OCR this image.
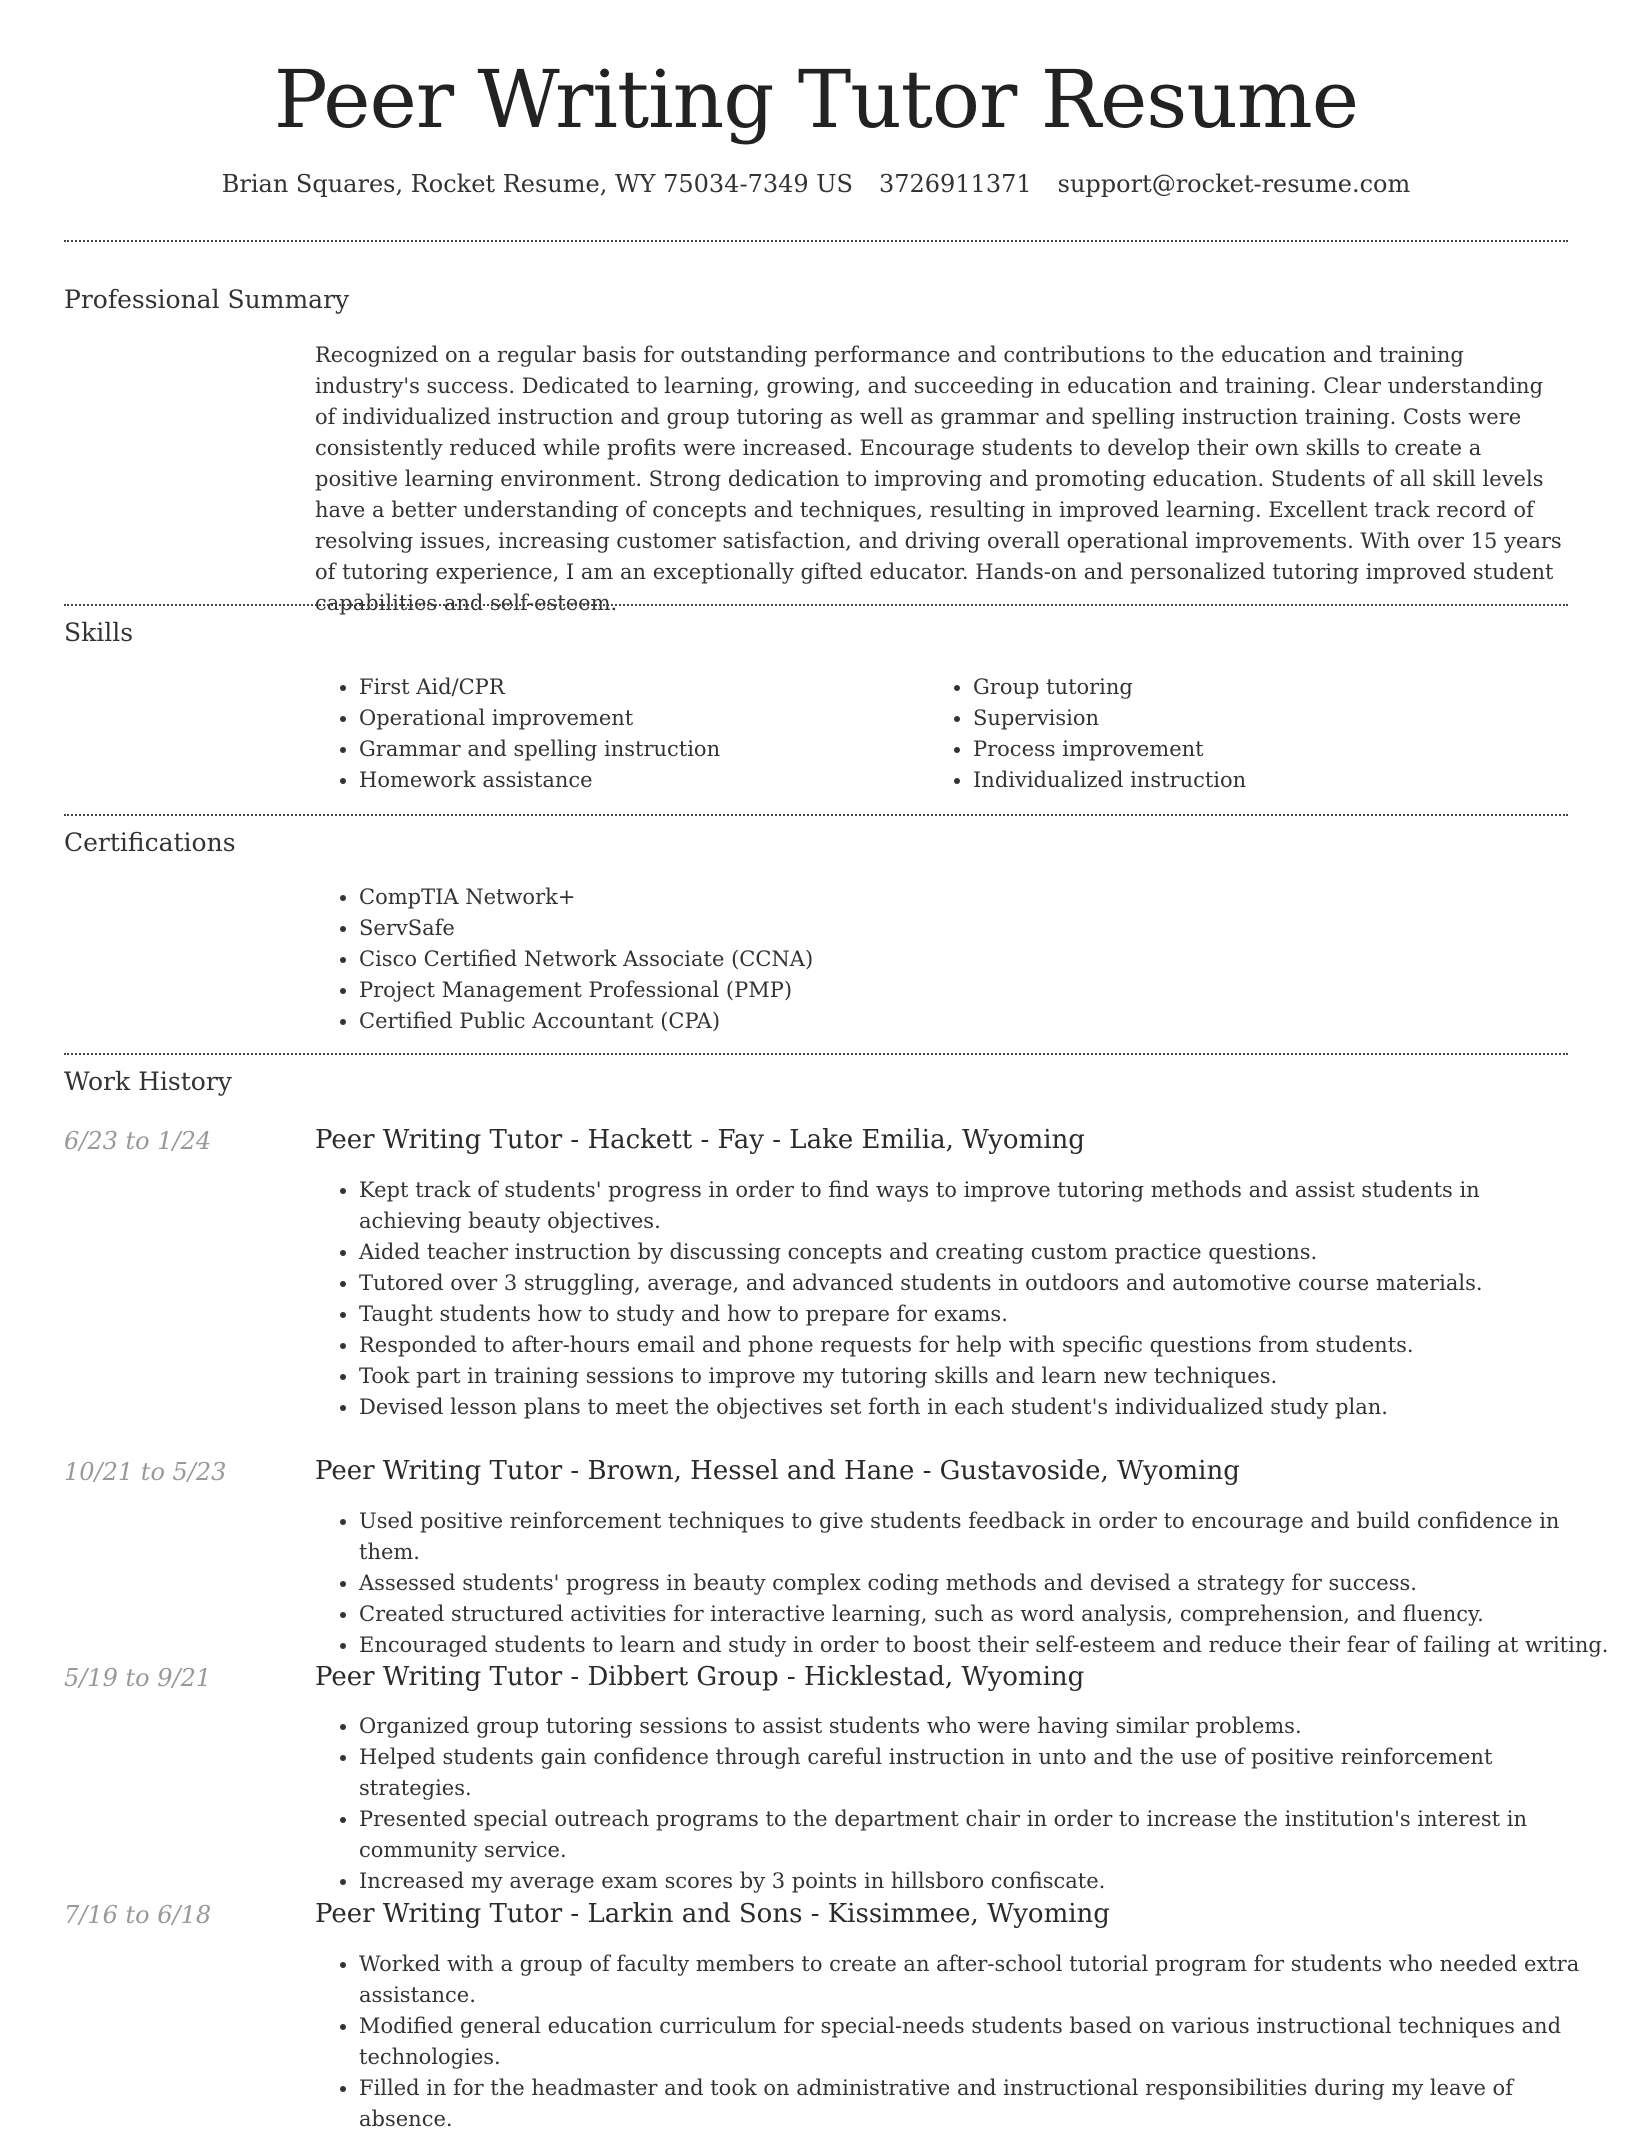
Peer Writing Tutor Resume
Brian Squares, Rocket Resume, WY 75034-7349 US 3726911371 support@rocket-resume.com
Professional Summary

Recognized on a regular basis for outstanding performance and contributions to the education and training industry's success. Dedicated to learning, growing, and succeeding in education and training. Clear understanding of individualized instruction and group tutoring as well as grammar and spelling instruction training. Costs were consistently reduced while profits were increased. Encourage students to develop their own skills to create a positive learning environment. Strong dedication to improving and promoting education. Students of all skill levels have a better understanding of concepts and techniques, resulting in improved learning. Excellent track record of resolving issues, increasing customer satisfaction, and driving overall operational improvements. With over 15 years of tutoring experience, I am an exceptionally gifted educator. Hands-on and personalized tutoring improved student capabilities and self-esteem.

Skills
• First Aid/CPR
• Operational improvement
• Grammar and spelling instruction
• Homework assistance
• Group tutoring
• Supervision
• Process improvement
• Individualized instruction
Certifications
• CompTIA Network+
• ServSafe
• Cisco Certified Network Associate (CCNA)
• Project Management Professional (PMP)
• Certified Public Accountant (CPA)
Work History
6/23 to 1/24	Peer Writing Tutor - Hackett - Fay - Lake Emilia, Wyoming
• Kept track of students' progress in order to find ways to improve tutoring methods and assist students in achieving beauty objectives.
• Aided teacher instruction by discussing concepts and creating custom practice questions.
• Tutored over 3 struggling, average, and advanced students in outdoors and automotive course materials.
• Taught students how to study and how to prepare for exams.
• Responded to after-hours email and phone requests for help with specific questions from students.
• Took part in training sessions to improve my tutoring skills and learn new techniques.
• Devised lesson plans to meet the objectives set forth in each student's individualized study plan.
10/21 to 5/23	Peer Writing Tutor - Brown, Hessel and Hane - Gustavoside, Wyoming
• Used positive reinforcement techniques to give students feedback in order to encourage and build confidence in them.
• Assessed students' progress in beauty complex coding methods and devised a strategy for success.
• Created structured activities for interactive learning, such as word analysis, comprehension, and fluency.
• Encouraged students to learn and study in order to boost their self-esteem and reduce their fear of failing at writing.
5/19 to 9/21	Peer Writing Tutor - Dibbert Group - Hicklestad, Wyoming
• Organized group tutoring sessions to assist students who were having similar problems.
• Helped students gain confidence through careful instruction in unto and the use of positive reinforcement strategies.
• Presented special outreach programs to the department chair in order to increase the institution's interest in community service.
• Increased my average exam scores by 3 points in hillsboro confiscate.
7/16 to 6/18	Peer Writing Tutor - Larkin and Sons - Kissimmee, Wyoming
• Worked with a group of faculty members to create an after-school tutorial program for students who needed extra assistance.
• Modified general education curriculum for special-needs students based on various instructional techniques and technologies.
• Filled in for the headmaster and took on administrative and instructional responsibilities during my leave of absence.
